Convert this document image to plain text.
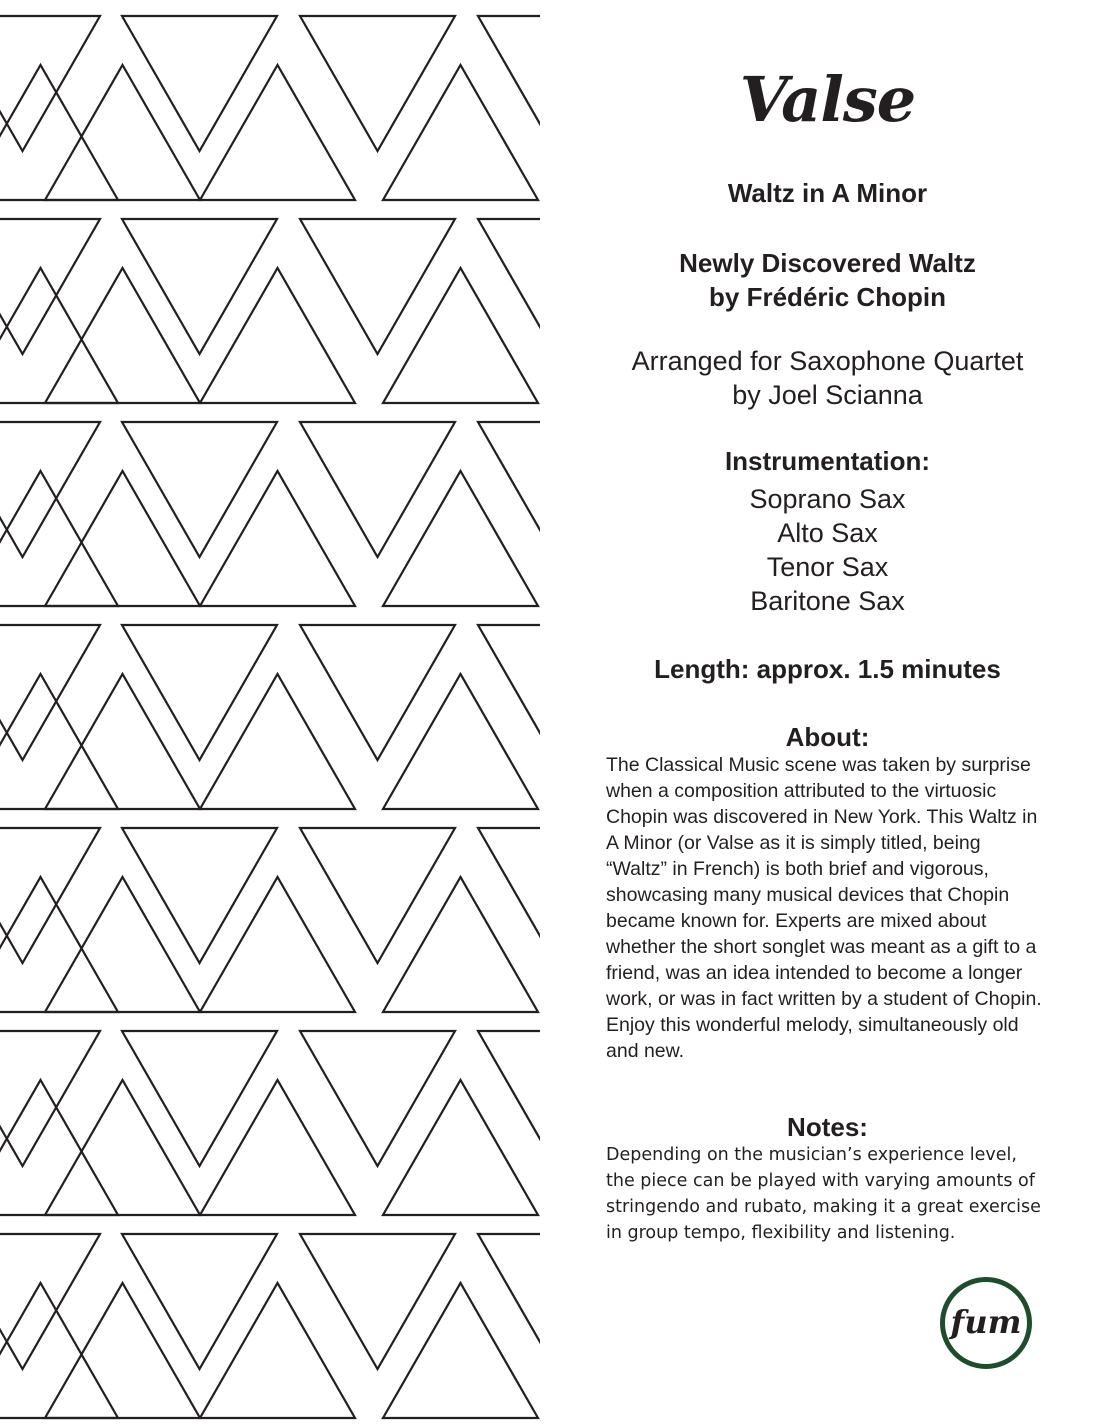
Valse

Waltz in A Minor

Newly Discovered Waltz

by Frédéric Chopin

Arranged for Saxophone Quartet

by Joel Scianna

Instrumentation:

Soprano Sax

Alto Sax

Tenor Sax

Baritone Sax

Length: approx. 1.5 minutes

About:

The Classical Music scene was taken by surprise when a composition attributed to the virtuosic Chopin was discovered in New York. This Waltz in A Minor (or Valse as it is simply titled, being “Waltz” in French) is both brief and vigorous, showcasing many musical devices that Chopin became known for. Experts are mixed about whether the short songlet was meant as a gift to a friend, was an idea intended to become a longer work, or was in fact written by a student of Chopin. Enjoy this wonderful melody, simultaneously old and new.

Notes:

Depending on the musician’s experience level, the piece can be played with varying amounts of stringendo and rubato, making it a great exercise in group tempo, flexibility and listening.

fum
